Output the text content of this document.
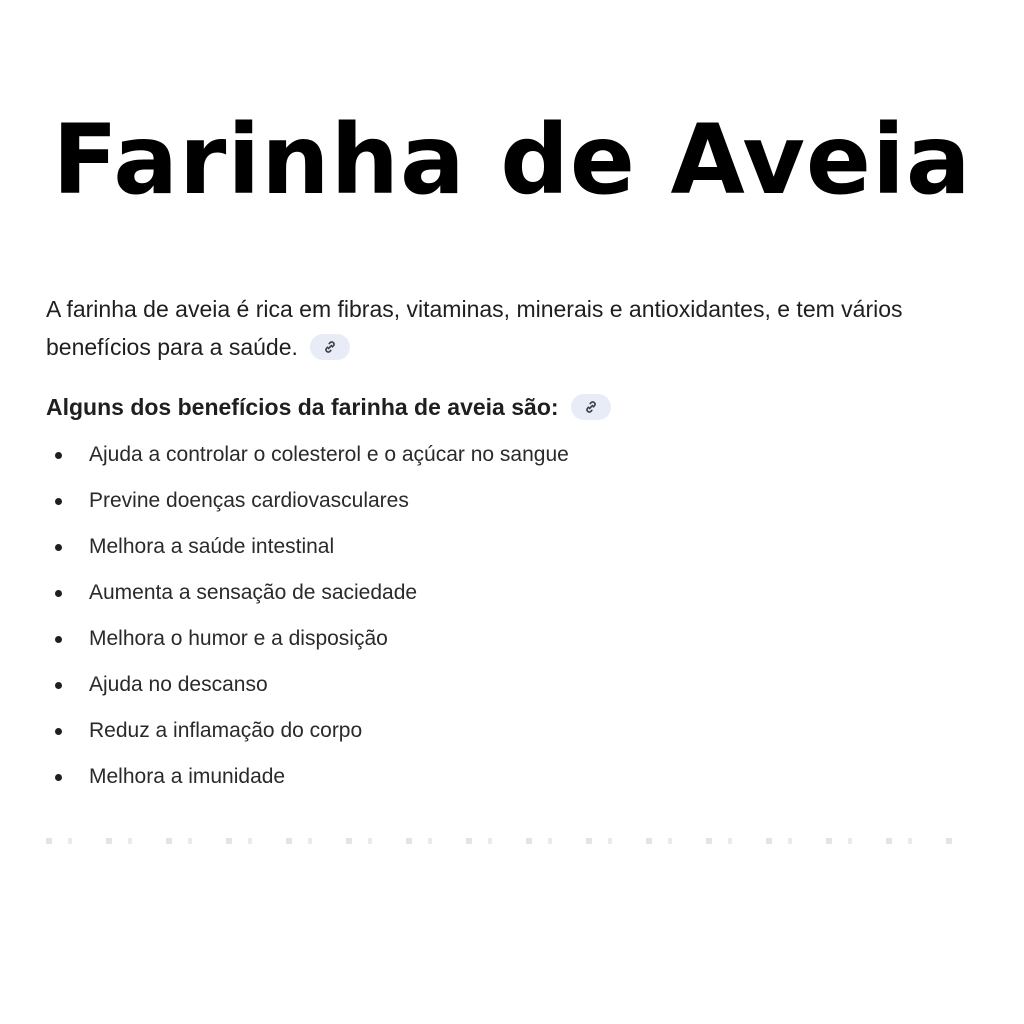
Farinha de Aveia

A farinha de aveia é rica em fibras, vitaminas, minerais e antioxidantes, e tem vários benefícios para a saúde.

Alguns dos benefícios da farinha de aveia são:

Ajuda a controlar o colesterol e o açúcar no sangue
Previne doenças cardiovasculares
Melhora a saúde intestinal
Aumenta a sensação de saciedade
Melhora o humor e a disposição
Ajuda no descanso
Reduz a inflamação do corpo
Melhora a imunidade
